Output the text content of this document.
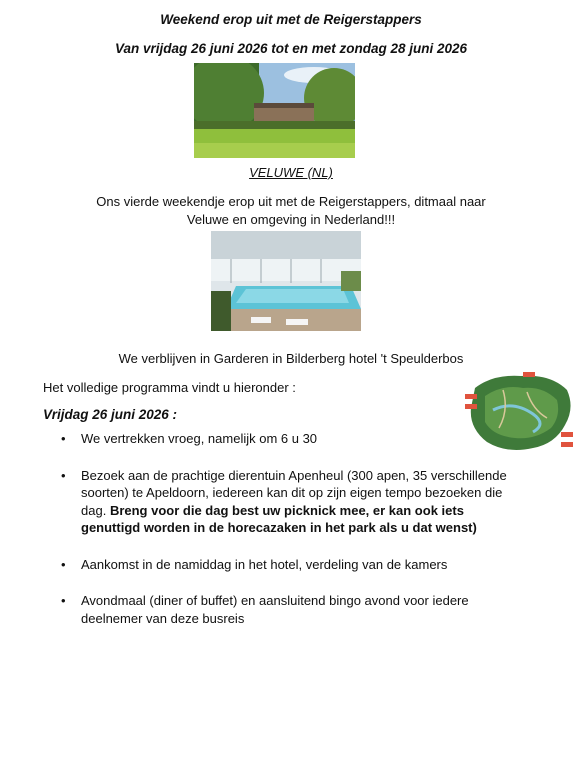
Weekend erop uit met de Reigerstappers
Van vrijdag 26 juni 2026 tot en met zondag 28 juni 2026
VELUWE (NL)
Ons vierde weekendje erop uit met de Reigerstappers, ditmaal naar
Veluwe en omgeving in Nederland!!!
We verblijven in Garderen in Bilderberg hotel 't Speulderbos
Het volledige programma vindt u hieronder :
Vrijdag 26 juni 2026 :
• We vertrekken vroeg, namelijk om 6 u 30
• Bezoek aan de prachtige dierentuin Apenheul (300 apen, 35 verschillende soorten) te Apeldoorn, iedereen kan dit op zijn eigen tempo bezoeken die dag. Breng voor die dag best uw picknick mee, er kan ook iets genuttigd worden in de horecazaken in het park als u dat wenst)
• Aankomst in de namiddag in het hotel, verdeling van de kamers
• Avondmaal (diner of buffet) en aansluitend bingo avond voor iedere deelnemer van deze busreis
